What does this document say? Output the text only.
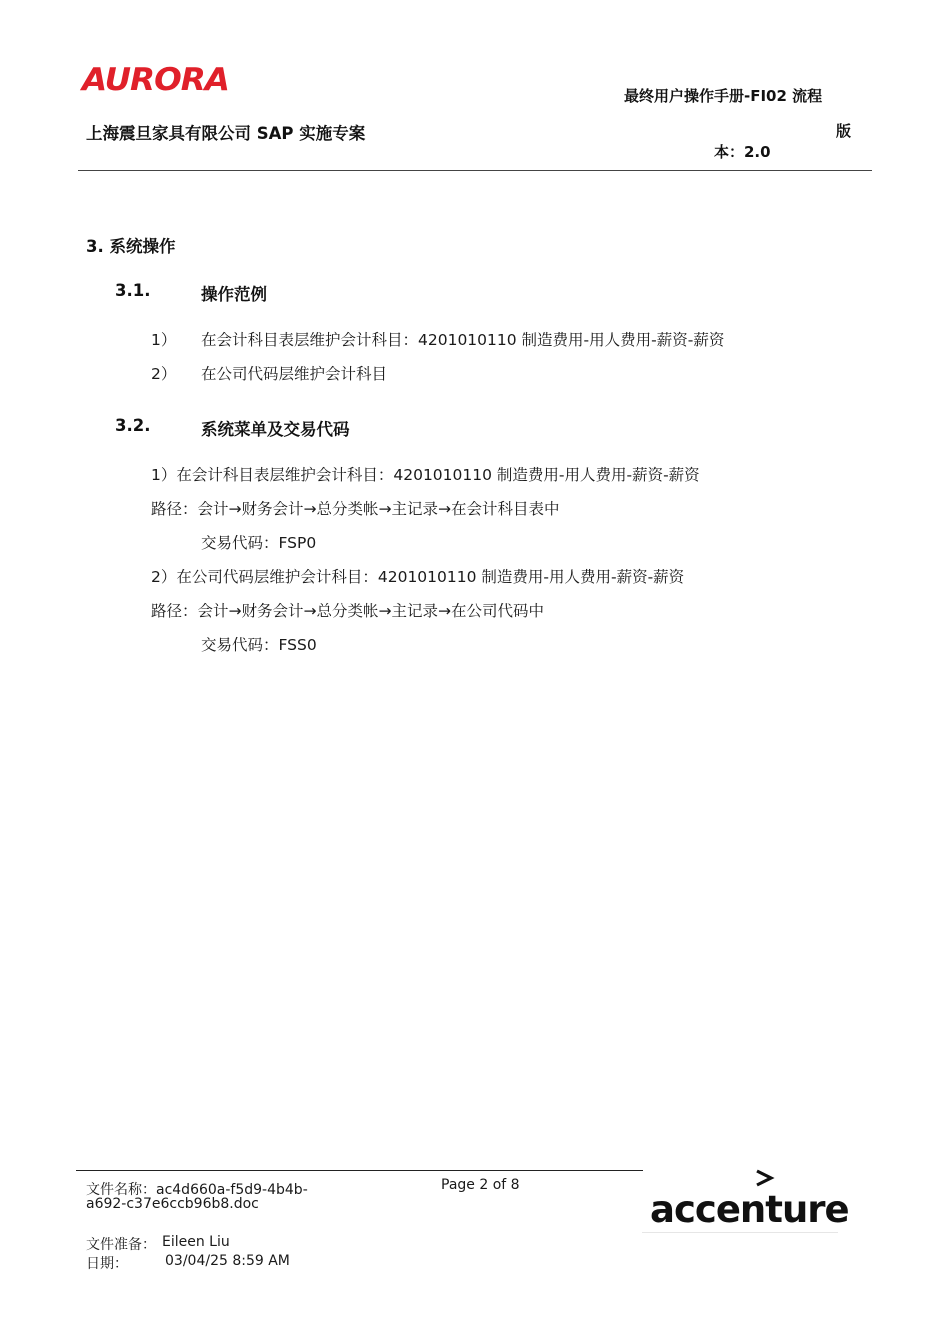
AURORA	最终用户操作手册-FI02 流程
上海震旦家具有限公司 SAP 实施专案	版
本：2.0
3. 系统操作
3.1.	操作范例
1） 在会计科目表层维护会计科目：4201010110 制造费用-用人费用-薪资-薪资
2） 在公司代码层维护会计科目
3.2.	系统菜单及交易代码
1）在会计科目表层维护会计科目：4201010110 制造费用-用人费用-薪资-薪资
路径：会计→财务会计→总分类帐→主记录→在会计科目表中
交易代码：FSP0
2）在公司代码层维护会计科目：4201010110 制造费用-用人费用-薪资-薪资
路径：会计→财务会计→总分类帐→主记录→在公司代码中
交易代码：FSS0
文件名称：ac4d660a-f5d9-4b4b-
a692-c37e6ccb96b8.doc
Page 2 of 8
文件准备： Eileen Liu
日期：	03/04/25 8:59 AM
accenture
